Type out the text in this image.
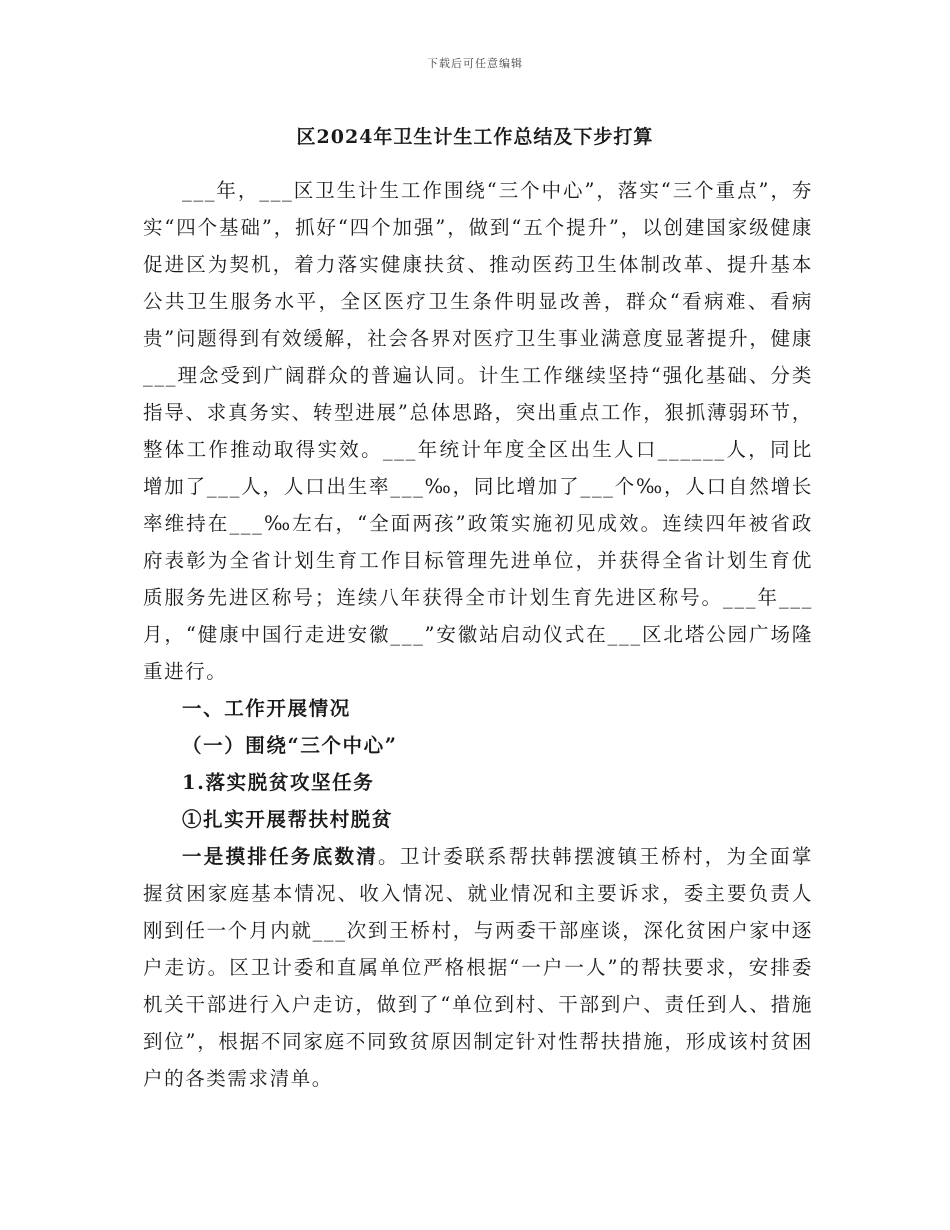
下载后可任意编辑
区2024年卫生计生工作总结及下步打算

___年，___区卫生计生工作围绕“三个中心”，落实“三个重点”，夯实“四个基础”，抓好“四个加强”，做到“五个提升”，以创建国家级健康促进区为契机，着力落实健康扶贫、推动医药卫生体制改革、提升基本公共卫生服务水平，全区医疗卫生条件明显改善，群众“看病难、看病贵”问题得到有效缓解，社会各界对医疗卫生事业满意度显著提升，健康___理念受到广阔群众的普遍认同。计生工作继续坚持“强化基础、分类指导、求真务实、转型进展”总体思路，突出重点工作，狠抓薄弱环节，整体工作推动取得实效。___年统计年度全区出生人口______人，同比增加了___人，人口出生率___‰，同比增加了___个‰，人口自然增长率维持在___‰左右，“全面两孩”政策实施初见成效。连续四年被省政府表彰为全省计划生育工作目标管理先进单位，并获得全省计划生育优质服务先进区称号；连续八年获得全市计划生育先进区称号。___年___月，“健康中国行走进安徽___”安徽站启动仪式在___区北塔公园广场隆重进行。

一、工作开展情况

（一）围绕“三个中心”

1.落实脱贫攻坚任务

①扎实开展帮扶村脱贫

一是摸排任务底数清。卫计委联系帮扶韩摆渡镇王桥村，为全面掌握贫困家庭基本情况、收入情况、就业情况和主要诉求，委主要负责人刚到任一个月内就___次到王桥村，与两委干部座谈，深化贫困户家中逐户走访。区卫计委和直属单位严格根据“一户一人”的帮扶要求，安排委机关干部进行入户走访，做到了“单位到村、干部到户、责任到人、措施到位”，根据不同家庭不同致贫原因制定针对性帮扶措施，形成该村贫困户的各类需求清单。
